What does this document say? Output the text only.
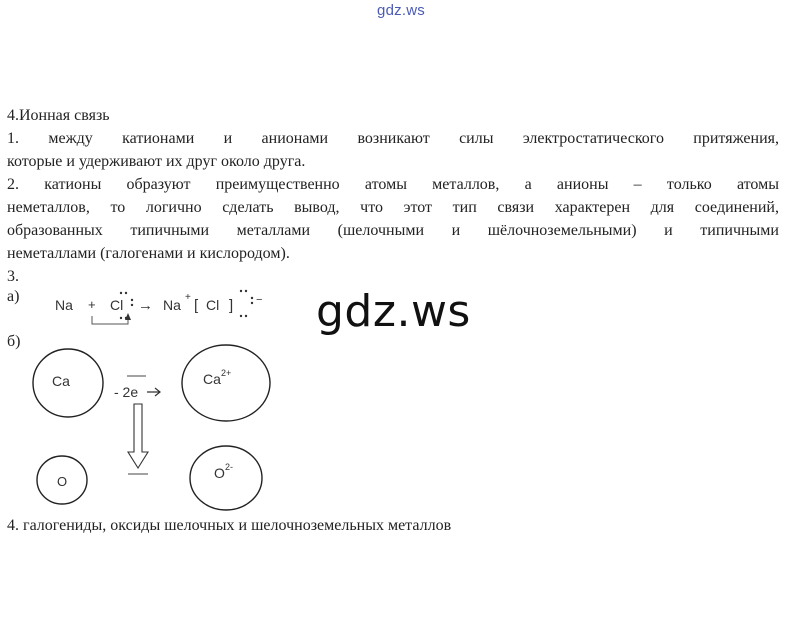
gdz.ws
4.Ионная связь
1. между катионами и анионами возникают силы электростатического притяжения,
которые и удерживают их друг около друга.
2. катионы образуют преимущественно атомы металлов, а анионы – только атомы
неметаллов, то логично сделать вывод, что этот тип связи характерен для соединений,
образованных типичными металлами (шелочными и шёлочноземельными) и типичными
неметаллами (галогенами и кислородом).
3.
а)
б)
Na + Cl → Na + [ Cl ] −
Ca	Ca 2+
- 2e
O
O 2-
gdz.ws
4. галогениды, оксиды шелочных и шелочноземельных металлов
